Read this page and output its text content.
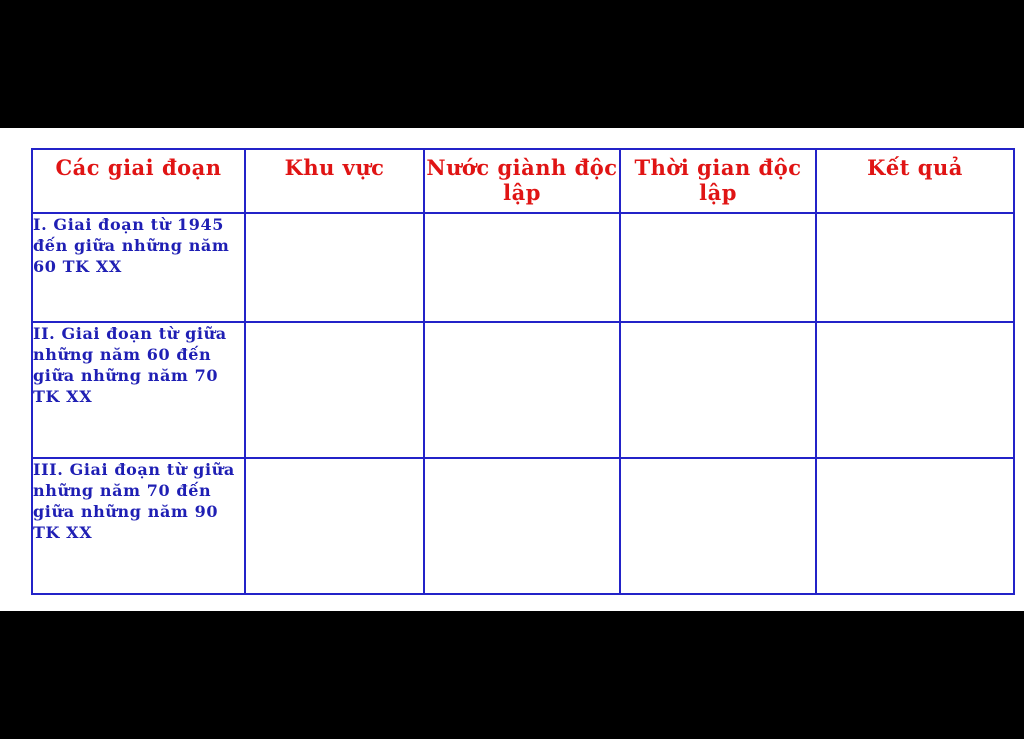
Các giai đoạn	Khu vực	Nước giành độc lập	Thời gian độc lập	Kết quả
I. Giai đoạn từ 1945 đến giữa những năm 60 TK XX				
II. Giai đoạn từ giữa những năm 60 đến giữa những năm 70 TK XX				
III. Giai đoạn từ giữa những năm 70 đến giữa những năm 90 TK XX				
